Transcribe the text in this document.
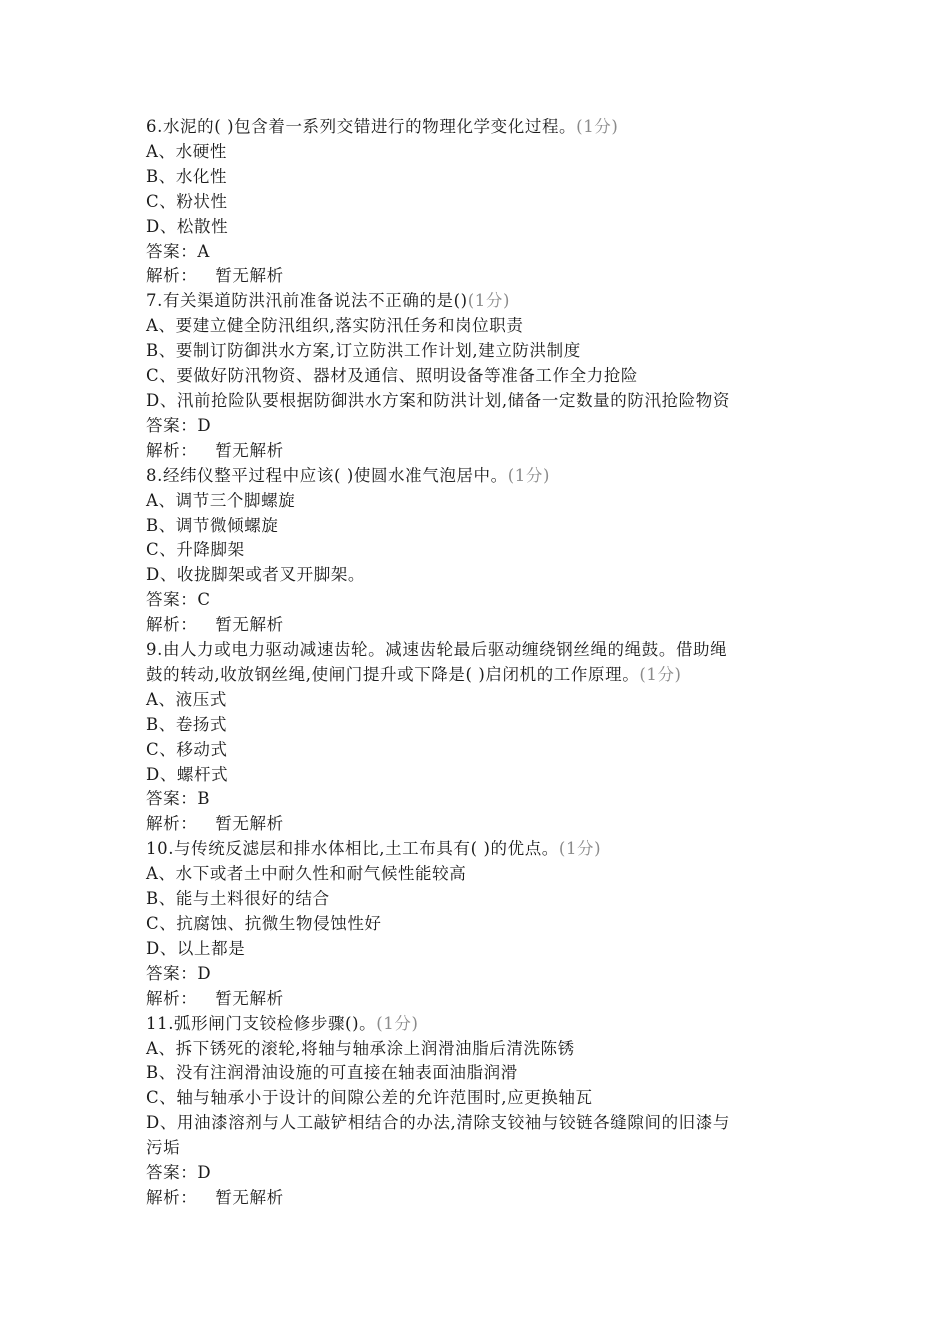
6.水泥的( )包含着一系列交错进行的物理化学变化过程。(1分)
A、水硬性
B、水化性
C、粉状性
D、松散性
答案：A
解析： 暂无解析
7.有关渠道防洪汛前准备说法不正确的是()(1分)
A、要建立健全防汛组织,落实防汛任务和岗位职责
B、要制订防御洪水方案,订立防洪工作计划,建立防洪制度
C、要做好防汛物资、器材及通信、照明设备等准备工作全力抢险
D、汛前抢险队要根据防御洪水方案和防洪计划,储备一定数量的防汛抢险物资
答案：D
解析： 暂无解析
8.经纬仪整平过程中应该( )使圆水准气泡居中。(1分)
A、调节三个脚螺旋
B、调节微倾螺旋
C、升降脚架
D、收拢脚架或者叉开脚架。
答案：C
解析： 暂无解析
9.由人力或电力驱动减速齿轮。减速齿轮最后驱动缠绕钢丝绳的绳鼓。借助绳
鼓的转动,收放钢丝绳,使闸门提升或下降是( )启闭机的工作原理。(1分)
A、液压式
B、卷扬式
C、移动式
D、螺杆式
答案：B
解析： 暂无解析
10.与传统反滤层和排水体相比,土工布具有( )的优点。(1分)
A、水下或者土中耐久性和耐气候性能较高
B、能与土料很好的结合
C、抗腐蚀、抗微生物侵蚀性好
D、以上都是
答案：D
解析： 暂无解析
11.弧形闸门支铰检修步骤()。(1分)
A、拆下锈死的滚轮,将轴与轴承涂上润滑油脂后清洗陈锈
B、没有注润滑油设施的可直接在轴表面油脂润滑
C、轴与轴承小于设计的间隙公差的允许范围时,应更换轴瓦
D、用油漆溶剂与人工敲铲相结合的办法,清除支铰袖与铰链各缝隙间的旧漆与
污垢
答案：D
解析： 暂无解析
